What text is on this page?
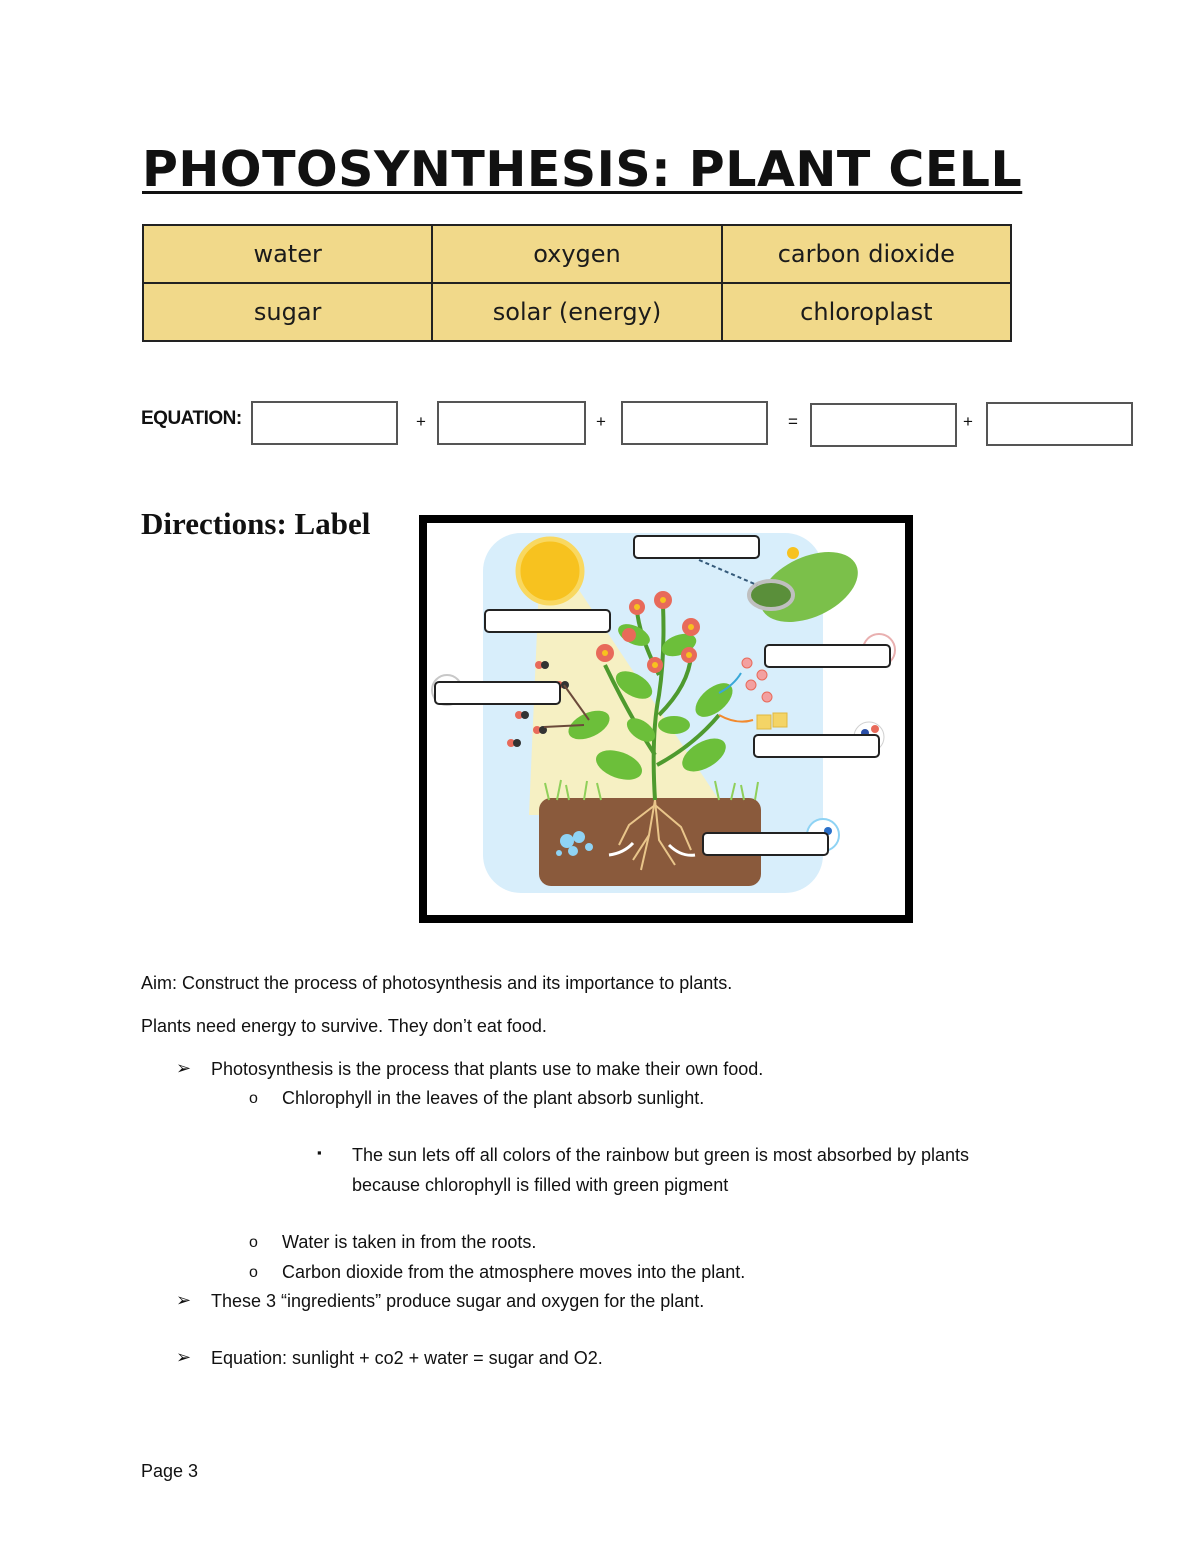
PHOTOSYNTHESIS: PLANT CELL
water	oxygen	carbon dioxide
sugar	solar (energy)	chloroplast
EQUATION:	+	+	=	+
Directions: Label

Aim: Construct the process of photosynthesis and its importance to plants.

Plants need energy to survive. They don’t eat food.

➢ Photosynthesis is the process that plants use to make their own food.
o Chlorophyll in the leaves of the plant absorb sunlight.
▪ The sun lets off all colors of the rainbow but green is most absorbed by plants
because chlorophyll is filled with green pigment
o Water is taken in from the roots.
o Carbon dioxide from the atmosphere moves into the plant.
➢ These 3 “ingredients” produce sugar and oxygen for the plant.
➢ Equation: sunlight + co2 + water = sugar and O2.
Page 3
